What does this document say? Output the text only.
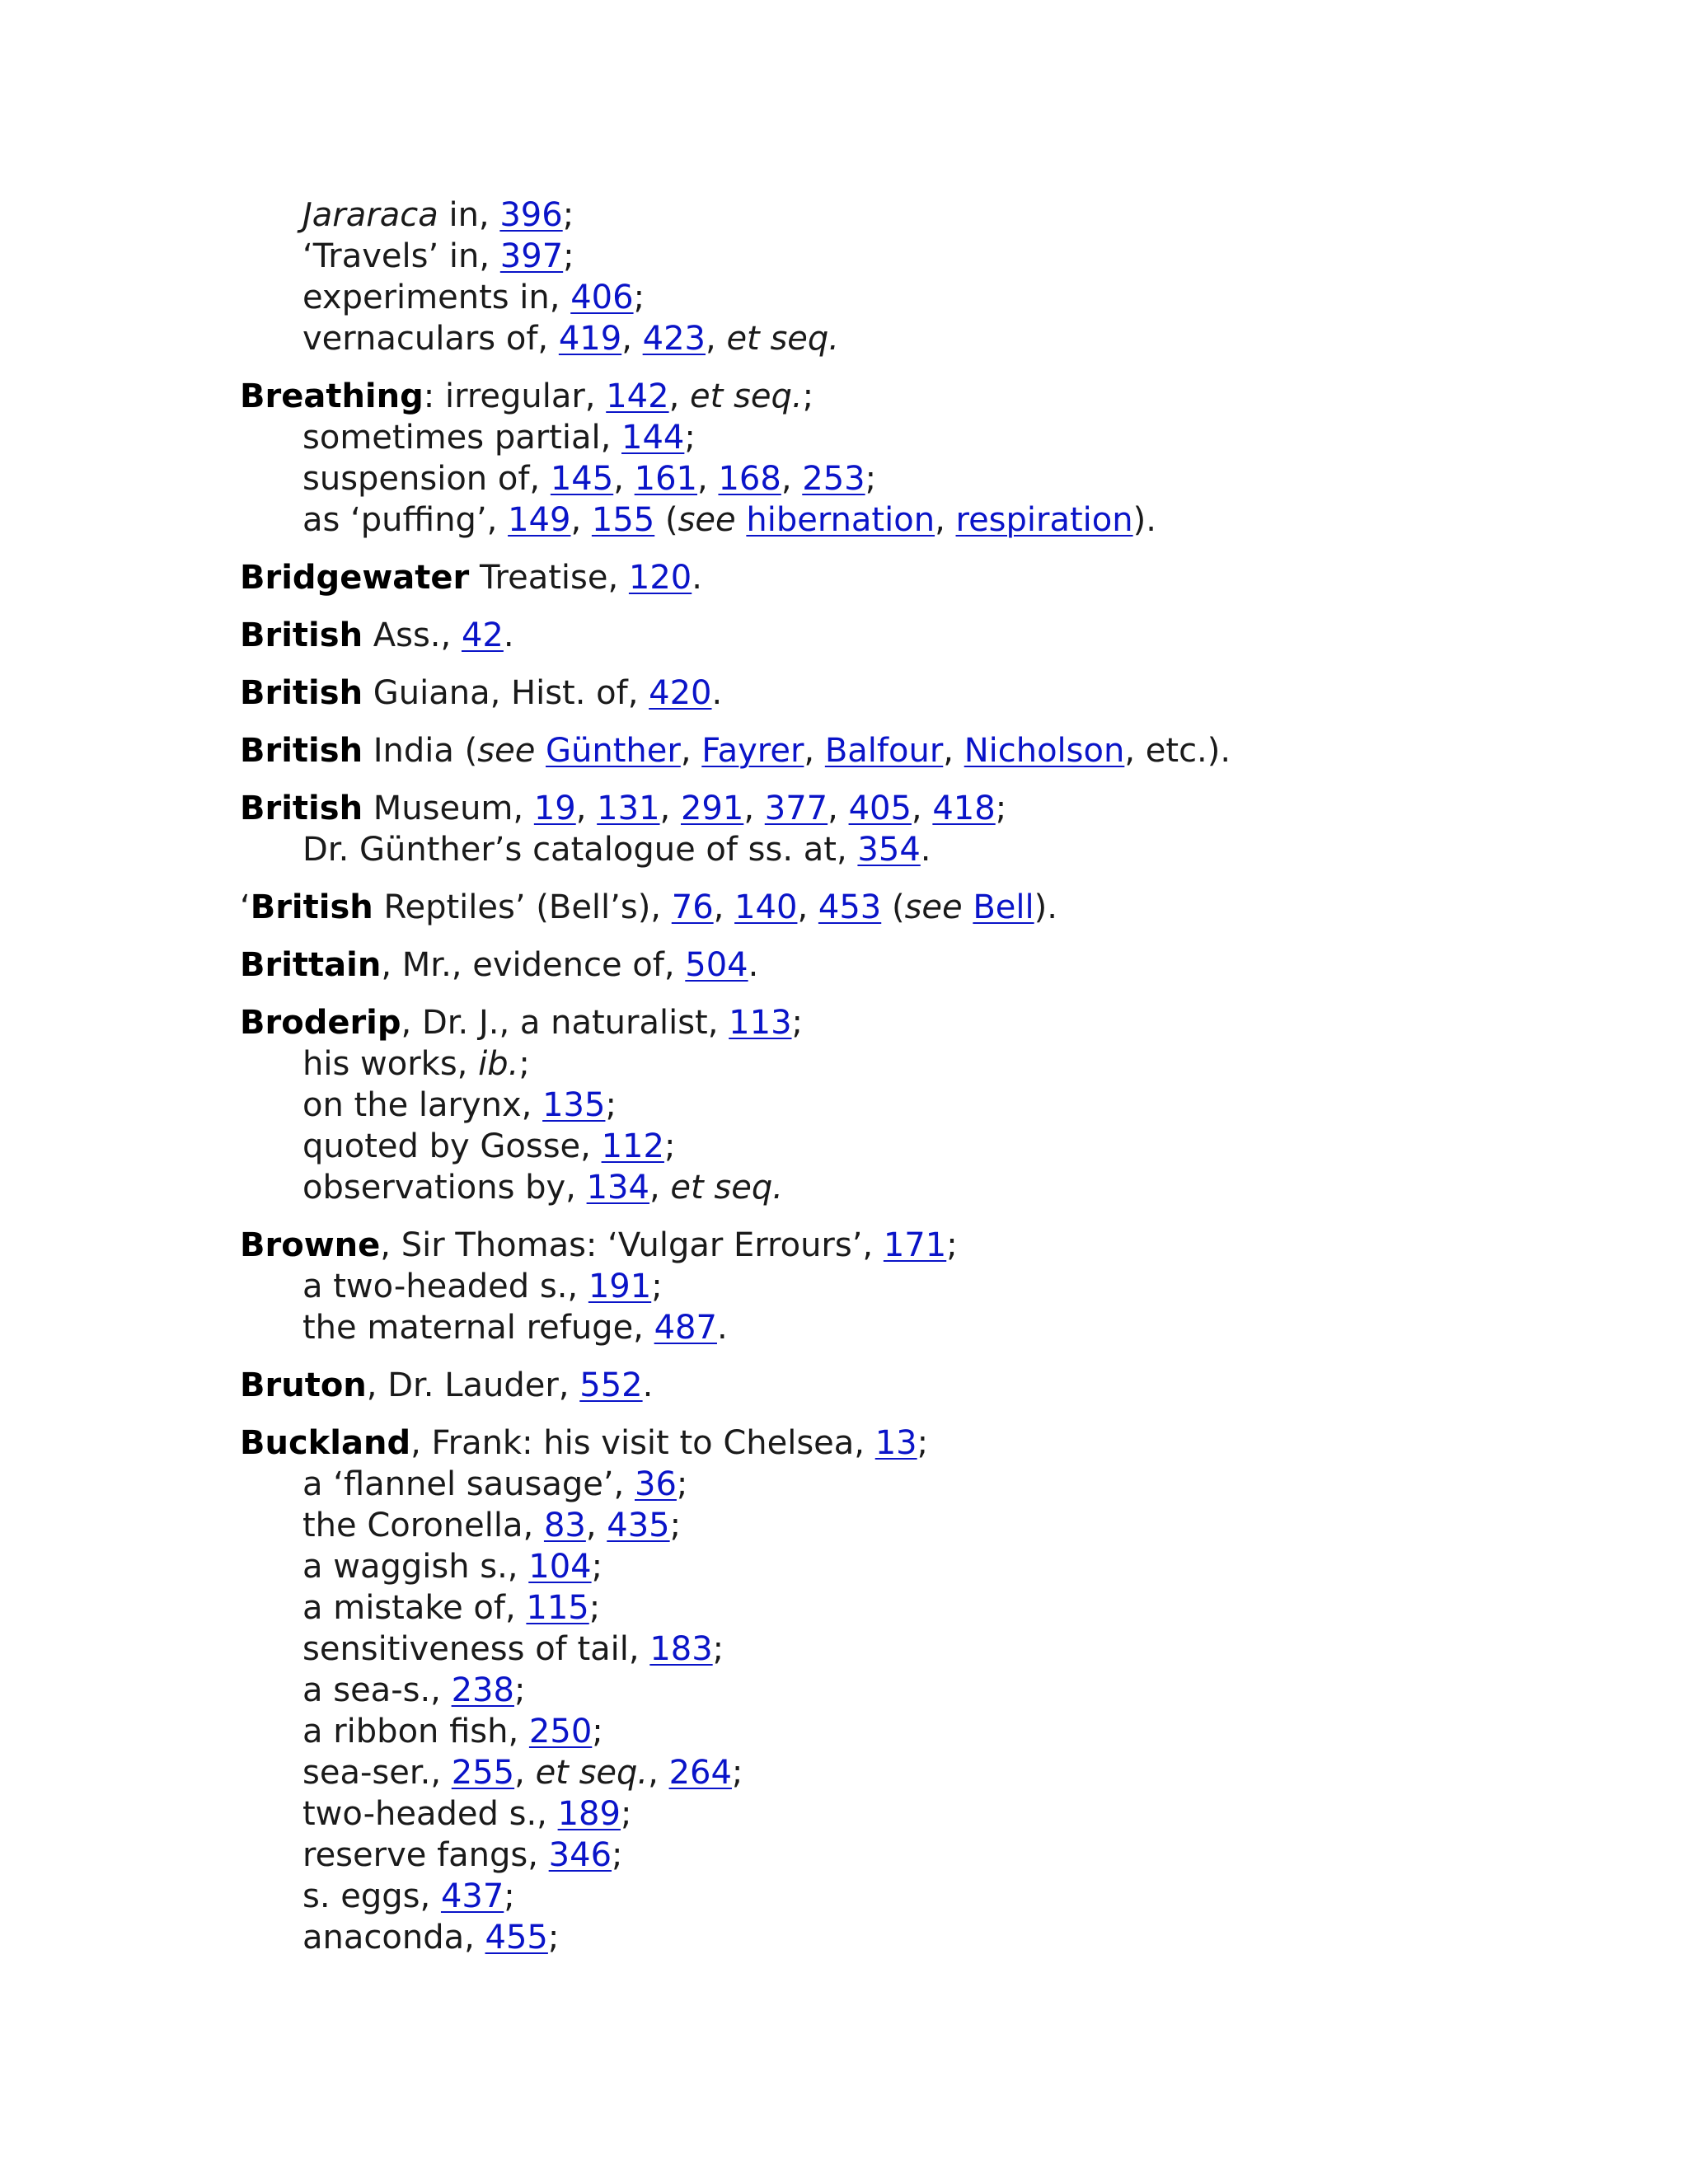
Jararaca in, 396;
‘Travels’ in, 397;
experiments in, 406;
vernaculars of, 419, 423, et seq.
Breathing: irregular, 142, et seq.;
sometimes partial, 144;
suspension of, 145, 161, 168, 253;
as ‘puffing’, 149, 155 (see hibernation, respiration).
Bridgewater Treatise, 120.
British Ass., 42.
British Guiana, Hist. of, 420.
British India (see Günther, Fayrer, Balfour, Nicholson, etc.).
British Museum, 19, 131, 291, 377, 405, 418;
Dr. Günther’s catalogue of ss. at, 354.
‘British Reptiles’ (Bell’s), 76, 140, 453 (see Bell).
Brittain, Mr., evidence of, 504.
Broderip, Dr. J., a naturalist, 113;
his works, ib.;
on the larynx, 135;
quoted by Gosse, 112;
observations by, 134, et seq.
Browne, Sir Thomas: ‘Vulgar Errours’, 171;
a two-headed s., 191;
the maternal refuge, 487.
Bruton, Dr. Lauder, 552.
Buckland, Frank: his visit to Chelsea, 13;
a ‘flannel sausage’, 36;
the Coronella, 83, 435;
a waggish s., 104;
a mistake of, 115;
sensitiveness of tail, 183;
a sea-s., 238;
a ribbon fish, 250;
sea-ser., 255, et seq., 264;
two-headed s., 189;
reserve fangs, 346;
s. eggs, 437;
anaconda, 455;
